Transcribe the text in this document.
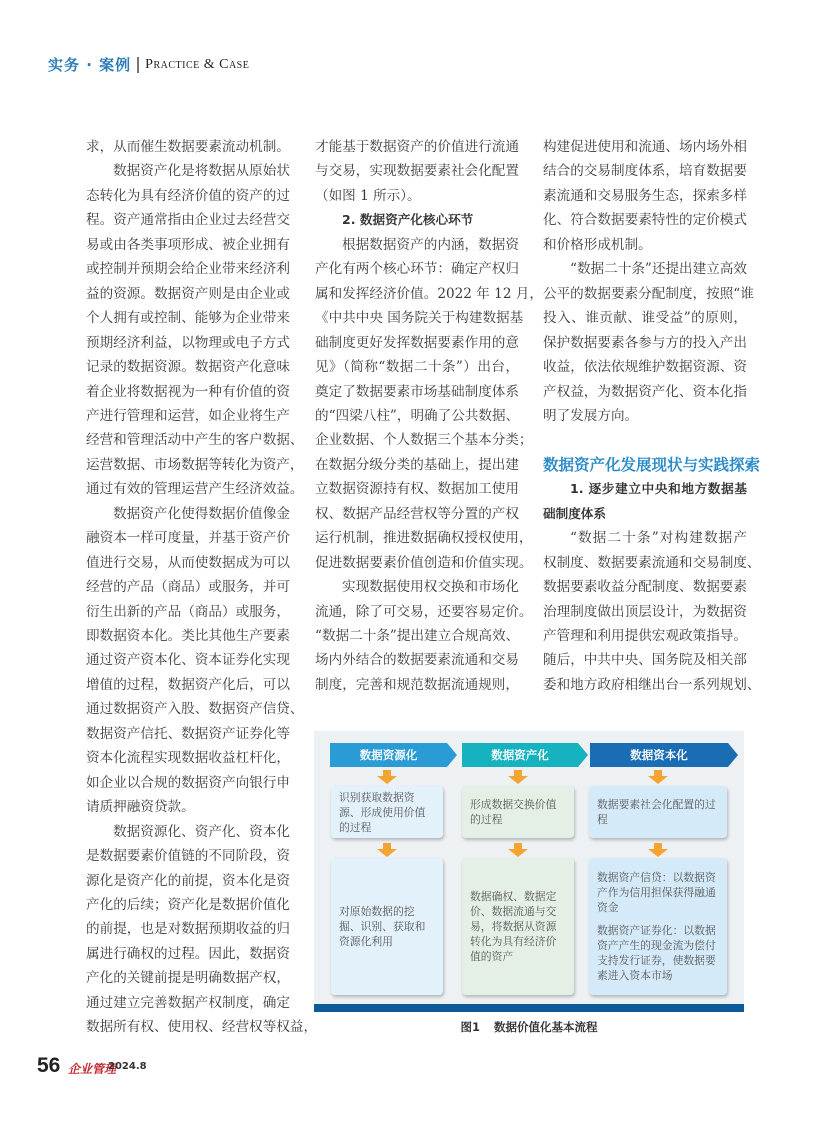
实务 · 案例 Practice & Case
求，从而催生数据要素流动机制。
数据资产化是将数据从原始状
态转化为具有经济价值的资产的过
程。资产通常指由企业过去经营交
易或由各类事项形成、被企业拥有
或控制并预期会给企业带来经济利
益的资源。数据资产则是由企业或
个人拥有或控制、能够为企业带来
预期经济利益，以物理或电子方式
记录的数据资源。数据资产化意味
着企业将数据视为一种有价值的资
产进行管理和运营，如企业将生产
经营和管理活动中产生的客户数据、
运营数据、市场数据等转化为资产，
通过有效的管理运营产生经济效益。
数据资产化使得数据价值像金
融资本一样可度量，并基于资产价
值进行交易，从而使数据成为可以
经营的产品（商品）或服务，并可
衍生出新的产品（商品）或服务，
即数据资本化。类比其他生产要素
通过资产资本化、资本证券化实现
增值的过程，数据资产化后，可以
通过数据资产入股、数据资产信贷、
数据资产信托、数据资产证券化等
资本化流程实现数据收益杠杆化，
如企业以合规的数据资产向银行申
请质押融资贷款。
数据资源化、资产化、资本化
是数据要素价值链的不同阶段，资
源化是资产化的前提，资本化是资
产化的后续；资产化是数据价值化
的前提，也是对数据预期收益的归
属进行确权的过程。因此，数据资
产化的关键前提是明确数据产权，
通过建立完善数据产权制度，确定
数据所有权、使用权、经营权等权益，
才能基于数据资产的价值进行流通
与交易，实现数据要素社会化配置
（如图 1 所示）。
2. 数据资产化核心环节
根据数据资产的内涵，数据资
产化有两个核心环节：确定产权归
属和发挥经济价值。2022 年 12 月，
《中共中央 国务院关于构建数据基
础制度更好发挥数据要素作用的意
见》（简称“数据二十条”）出台，
奠定了数据要素市场基础制度体系
的“四梁八柱”，明确了公共数据、
企业数据、个人数据三个基本分类；
在数据分级分类的基础上，提出建
立数据资源持有权、数据加工使用
权、数据产品经营权等分置的产权
运行机制，推进数据确权授权使用，
促进数据要素价值创造和价值实现。
实现数据使用权交换和市场化
流通，除了可交易，还要容易定价。
“数据二十条”提出建立合规高效、
场内外结合的数据要素流通和交易
制度，完善和规范数据流通规则，
构建促进使用和流通、场内场外相
结合的交易制度体系，培育数据要
素流通和交易服务生态，探索多样
化、符合数据要素特性的定价模式
和价格形成机制。
“数据二十条”还提出建立高效
公平的数据要素分配制度，按照“谁
投入、谁贡献、谁受益”的原则，
保护数据要素各参与方的投入产出
收益，依法依规维护数据资源、资
产权益，为数据资产化、资本化指
明了发展方向。
数据资产化发展现状与实践探索
1. 逐步建立中央和地方数据基
础制度体系
“数据二十条”对构建数据产
权制度、数据要素流通和交易制度、
数据要素收益分配制度、数据要素
治理制度做出顶层设计，为数据资
产管理和利用提供宏观政策指导。
随后，中共中央、国务院及相关部
委和地方政府相继出台一系列规划、
数据资源化

识别获取数据资源、形成使用价值的过程

对原始数据的挖掘、识别、获取和资源化利用

数据资产化

形成数据交换价值的过程

数据确权、数据定价、数据流通与交易，将数据从资源转化为具有经济价值的资产

数据资本化

数据要素社会化配置的过程

数据资产信贷：以数据资产作为信用担保获得融通资金

数据资产证券化：以数据资产产生的现金流为偿付支持发行证券，使数据要素进入资本市场

图1 数据价值化基本流程
56 企业管理
2024.8
